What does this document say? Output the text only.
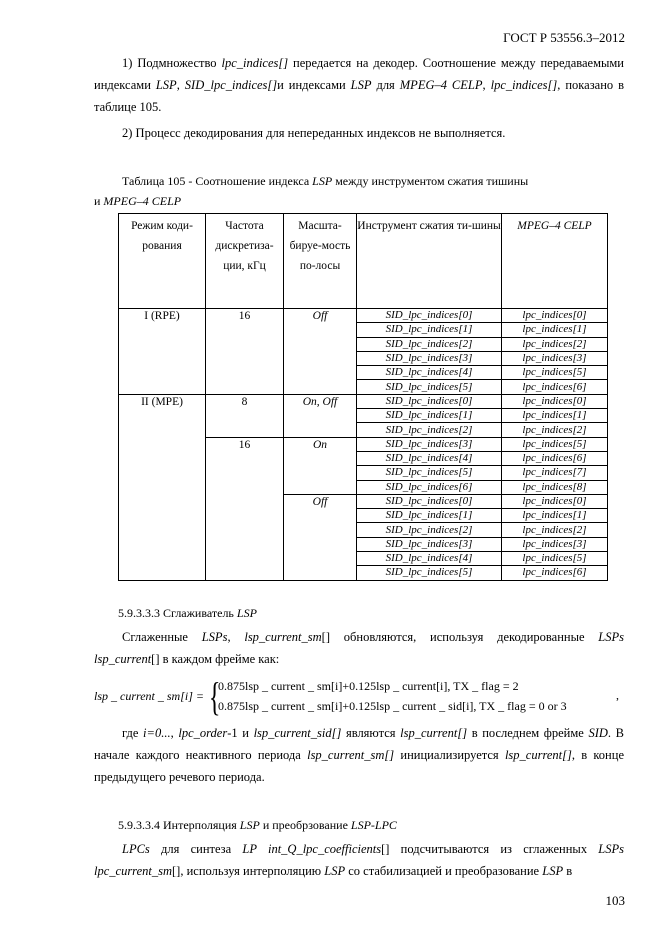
ГОСТ Р 53556.3–2012
1) Подмножество lpc_indices[] передается на декодер. Соотношение между передаваемыми индексами LSP, SID_lpc_indices[]и индексами LSP для MPEG–4 CELP, lpc_indices[], показано в таблице 105.
2) Процесс декодирования для непереданных индексов не выполняется.
Таблица 105 - Соотношение индекса LSP между инструментом сжатия тишины
и MPEG–4 CELP
Режим коди-рования	Частота дискретиза-ции, кГц	Масшта-бируе-мость по-лосы	Инструмент сжатия ти-шины	MPEG–4 CELP
I (RPE)	16	Off	SID_lpc_indices[0]	lpc_indices[0]
			SID_lpc_indices[1]	lpc_indices[1]
			SID_lpc_indices[2]	lpc_indices[2]
			SID_lpc_indices[3]	lpc_indices[3]
			SID_lpc_indices[4]	lpc_indices[5]
			SID_lpc_indices[5]	lpc_indices[6]
II (MPE)	8	On, Off	SID_lpc_indices[0]	lpc_indices[0]
			SID_lpc_indices[1]	lpc_indices[1]
			SID_lpc_indices[2]	lpc_indices[2]
	16	On	SID_lpc_indices[3]	lpc_indices[5]
			SID_lpc_indices[4]	lpc_indices[6]
			SID_lpc_indices[5]	lpc_indices[7]
			SID_lpc_indices[6]	lpc_indices[8]
		Off	SID_lpc_indices[0]	lpc_indices[0]
			SID_lpc_indices[1]	lpc_indices[1]
			SID_lpc_indices[2]	lpc_indices[2]
			SID_lpc_indices[3]	lpc_indices[3]
			SID_lpc_indices[4]	lpc_indices[5]
			SID_lpc_indices[5]	lpc_indices[6]
5.9.3.3.3 Сглаживатель LSP
Сглаженные LSPs, lsp_current_sm[] обновляются, используя декодированные LSPs lsp_current[] в каждом фрейме как:
lsp _ current _ sm[i] = {
0.875lsp _ current _ sm[i]+0.125lsp _ current[i], TX _ flag = 2
0.875lsp _ current _ sm[i]+0.125lsp _ current _ sid[i], TX _ flag = 0 or 3
,
где i=0..., lpc_order-1 и lsp_current_sid[] являются lsp_current[] в последнем фрейме SID. В начале каждого неактивного периода lsp_current_sm[] инициализируется lsp_current[], в конце предыдущего речевого периода.
5.9.3.3.4 Интерполяция LSP и преобрзование LSP-LPC
LPCs для синтеза LP int_Q_lpc_coefficients[] подсчитываются из сглаженных LSPs lpc_current_sm[], используя интерполяцию LSP со стабилизацией и преобразование LSP в
103
